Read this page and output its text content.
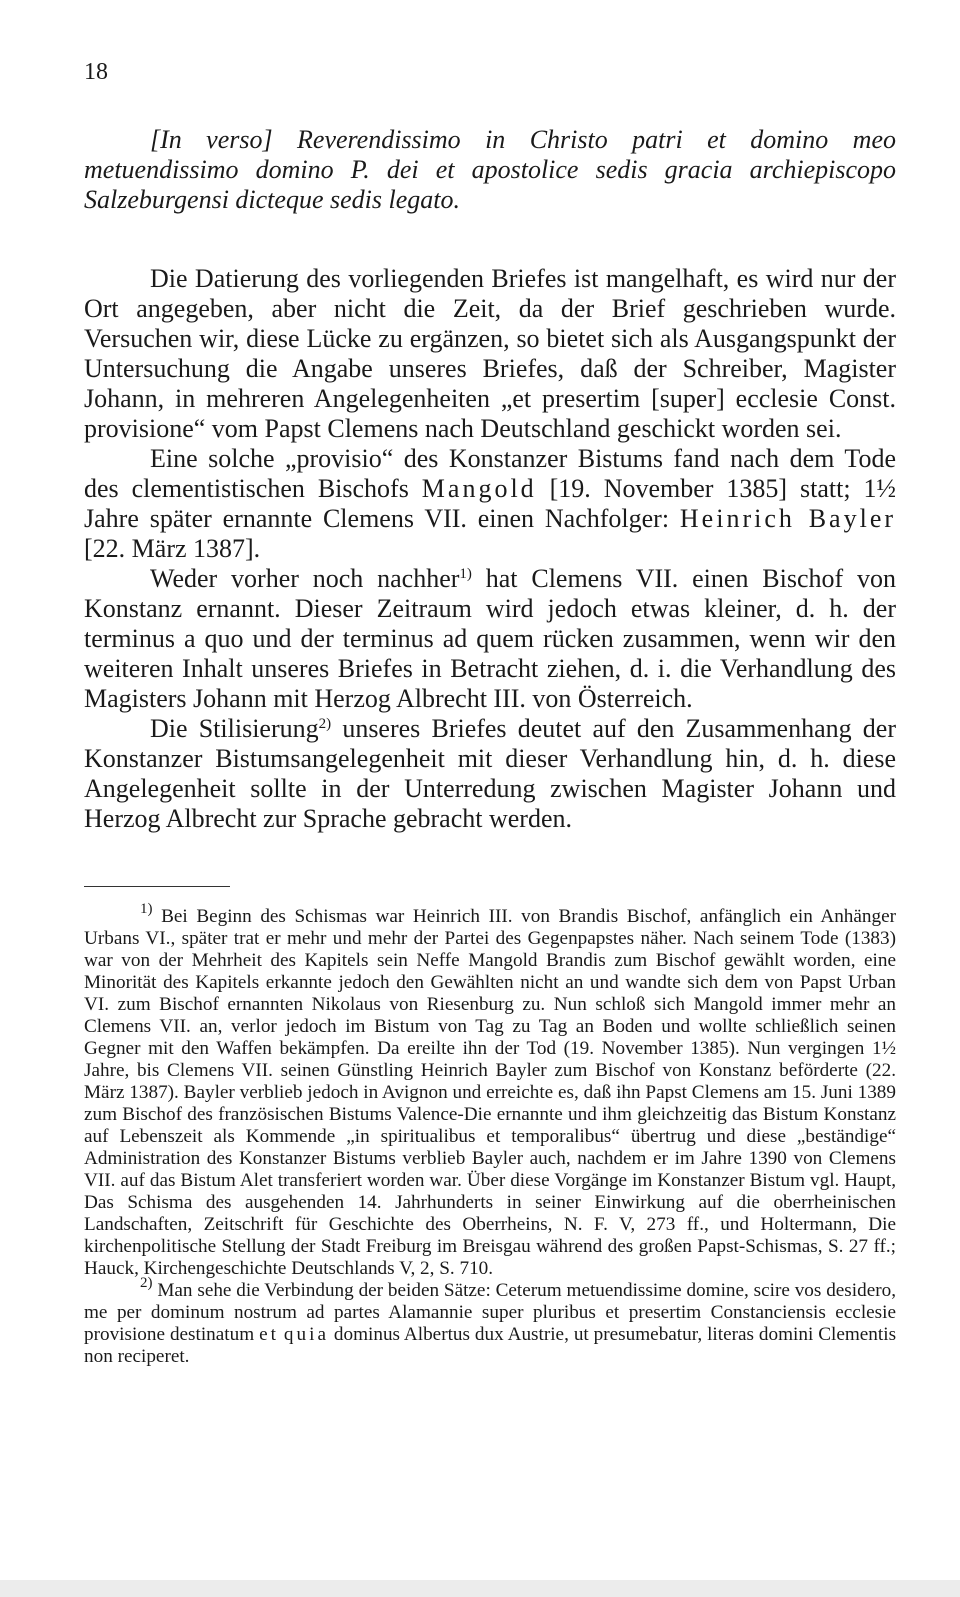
18

[In verso] Reverendissimo in Christo patri et domino meo metuendissimo domino P. dei et apostolice sedis gracia archiepiscopo Salzeburgensi dicteque sedis legato.

Die Datierung des vorliegenden Briefes ist mangelhaft, es wird nur der Ort angegeben, aber nicht die Zeit, da der Brief geschrieben wurde. Versuchen wir, diese Lücke zu ergänzen, so bietet sich als Ausgangspunkt der Untersuchung die Angabe unseres Briefes, daß der Schreiber, Magister Johann, in mehreren Angelegenheiten „et presertim [super] ecclesie Const. provisione“ vom Papst Clemens nach Deutschland geschickt worden sei.

Eine solche „provisio“ des Konstanzer Bistums fand nach dem Tode des clementistischen Bischofs Mangold [19. November 1385] statt; 1½ Jahre später ernannte Clemens VII. einen Nachfolger: Heinrich Bayler [22. März 1387].

Weder vorher noch nachher$^{1)}$ hat Clemens VII. einen Bischof von Konstanz ernannt. Dieser Zeitraum wird jedoch etwas kleiner, d. h. der terminus a quo und der terminus ad quem rücken zusammen, wenn wir den weiteren Inhalt unseres Briefes in Betracht ziehen, d. i. die Verhandlung des Magisters Johann mit Herzog Albrecht III. von Österreich.

Die Stilisierung$^{2)}$ unseres Briefes deutet auf den Zusammenhang der Konstanzer Bistumsangelegenheit mit dieser Verhandlung hin, d. h. diese Angelegenheit sollte in der Unterredung zwischen Magister Johann und Herzog Albrecht zur Sprache gebracht werden.

$^{1)}$ Bei Beginn des Schismas war Heinrich III. von Brandis Bischof, anfänglich ein Anhänger Urbans VI., später trat er mehr und mehr der Partei des Gegenpapstes näher. Nach seinem Tode (1383) war von der Mehrheit des Kapitels sein Neffe Mangold Brandis zum Bischof gewählt worden, eine Minorität des Kapitels erkannte jedoch den Gewählten nicht an und wandte sich dem von Papst Urban VI. zum Bischof ernannten Nikolaus von Riesenburg zu. Nun schloß sich Mangold immer mehr an Clemens VII. an, verlor jedoch im Bistum von Tag zu Tag an Boden und wollte schließlich seinen Gegner mit den Waffen bekämpfen. Da ereilte ihn der Tod (19. November 1385). Nun vergingen 1½ Jahre, bis Clemens VII. seinen Günstling Heinrich Bayler zum Bischof von Konstanz beförderte (22. März 1387). Bayler verblieb jedoch in Avignon und erreichte es, daß ihn Papst Clemens am 15. Juni 1389 zum Bischof des französischen Bistums Valence-Die ernannte und ihm gleichzeitig das Bistum Konstanz auf Lebenszeit als Kommende „in spiritualibus et temporalibus“ übertrug und diese „beständige“ Administration des Konstanzer Bistums verblieb Bayler auch, nachdem er im Jahre 1390 von Clemens VII. auf das Bistum Alet transferiert worden war. Über diese Vorgänge im Konstanzer Bistum vgl. Haupt, Das Schisma des ausgehenden 14. Jahrhunderts in seiner Einwirkung auf die oberrheinischen Landschaften, Zeitschrift für Geschichte des Oberrheins, N. F. V, 273 ff., und Holtermann, Die kirchenpolitische Stellung der Stadt Freiburg im Breisgau während des großen Papst-Schismas, S. 27 ff.; Hauck, Kirchengeschichte Deutschlands V, 2, S. 710.

$^{2)}$ Man sehe die Verbindung der beiden Sätze: Ceterum metuendissime domine, scire vos desidero, me per dominum nostrum ad partes Alamannie super pluribus et presertim Constanciensis ecclesie provisione destinatum et quia dominus Albertus dux Austrie, ut presumebatur, literas domini Clementis non reciperet.
